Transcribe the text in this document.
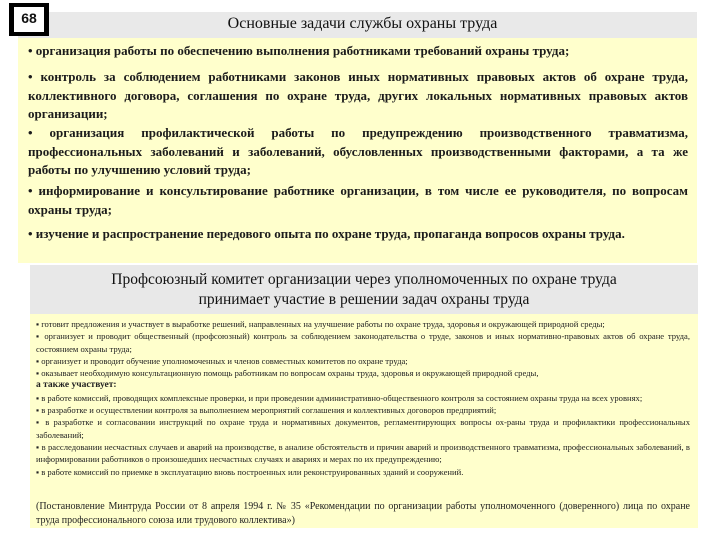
68	Основные задачи службы охраны труда
• организация работы по обеспечению выполнения работниками требований охраны труда;
• контроль за соблюдением работниками законов иных нормативных правовых актов об охране труда, коллективного договора, соглашения по охране труда, других локальных нормативных правовых актов организации;
• организация профилактической работы по предупреждению производственного травматизма, профессиональных заболеваний и заболеваний, обусловленных производственными факторами, а та же работы по улучшению условий труда;
• информирование и консультирование работнике организации, в том числе ее руководителя, по вопросам охраны труда;
• изучение и распространение передового опыта по охране труда, пропаганда вопросов охраны труда.
Профсоюзный комитет организации через уполномоченных по охране труда
принимает участие в решении задач охраны труда

▪ готовит предложения и участвует в выработке решений, направленных на улучшение работы по охране труда, здоровья и окружающей природной среды;

▪ организует и проводит общественный (профсоюзный) контроль за соблюдением законодательства о труде, законов и иных нормативно-правовых актов об охране труда, состоянием охраны труда;

▪ организует и проводит обучение уполномоченных и членов совместных комитетов по охране труда;

▪ оказывает необходимую консультационную помощь работникам по вопросам охраны труда, здоровья и окружающей природной среды,

а также участвует:

▪ в работе комиссий, проводящих комплексные проверки, и при проведении административно-общественного контроля за состоянием охраны труда на всех уровнях;

▪ в разработке и осуществлении контроля за выполнением мероприятий соглашения и коллективных договоров предприятий;

▪ в разработке и согласовании инструкций по охране труда и нормативных документов, регламентирующих вопросы ох-раны труда и профилактики профессиональных заболеваний;

▪ в расследовании несчастных случаев и аварий на производстве, в анализе обстоятельств и причин аварий и производственного травматизма, профессиональных заболеваний, в информировании работников о произошедших несчастных случаях и авариях и мерах по их предупреждению;

▪ в работе комиссий по приемке в эксплуатацию вновь построенных или реконструированных зданий и сооружений.

(Постановление Минтруда России от 8 апреля 1994 г. № 35 «Рекомендации по организации работы уполномоченного (доверенного) лица по охране труда профессионального союза или трудового коллектива»)
